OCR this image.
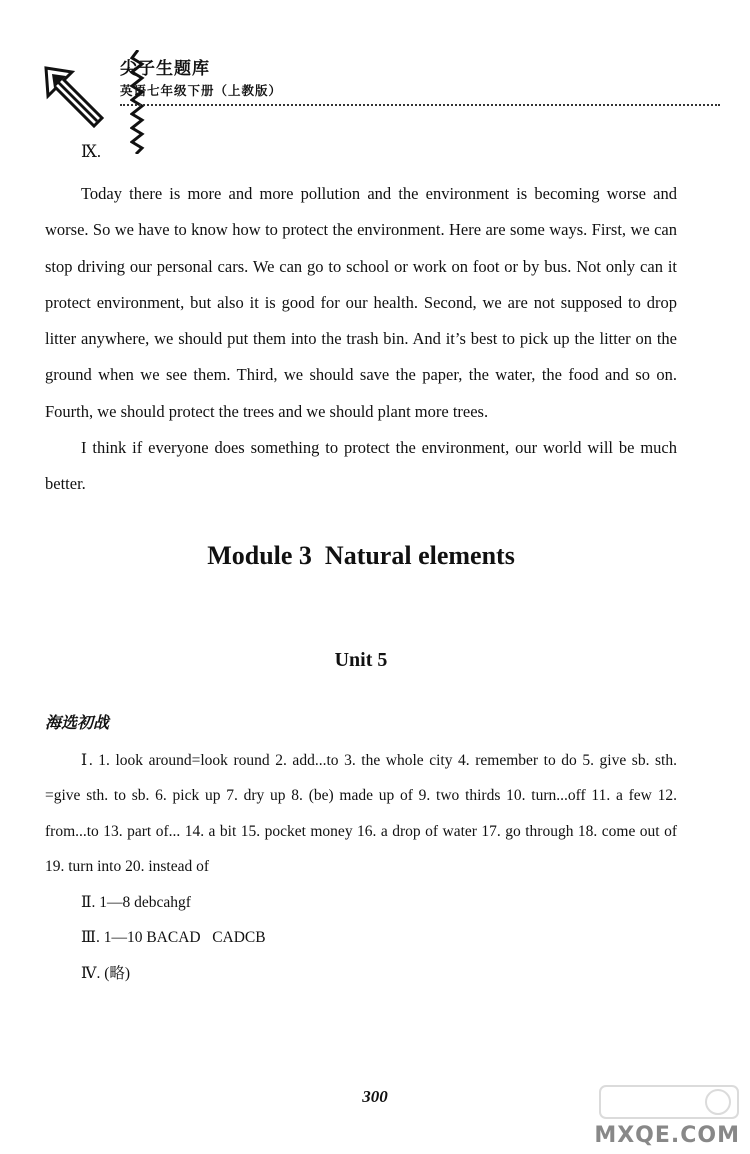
尖子生题库
英语七年级下册（上教版）
Ⅸ.

Today there is more and more pollution and the environment is becoming worse and worse. So we have to know how to protect the environment. Here are some ways. First, we can stop driving our personal cars. We can go to school or work on foot or by bus. Not only can it protect environment, but also it is good for our health. Second, we are not supposed to drop litter anywhere, we should put them into the trash bin. And it’s best to pick up the litter on the ground when we see them. Third, we should save the paper, the water, the food and so on. Fourth, we should protect the trees and we should plant more trees.

I think if everyone does something to protect the environment, our world will be much better.

Module 3  Natural elements
Unit 5
海选初战

Ⅰ. 1. look around=look round 2. add...to 3. the whole city 4. remember to do 5. give sb. sth. =give sth. to sb. 6. pick up 7. dry up 8. (be) made up of 9. two thirds 10. turn...off 11. a few 12. from...to 13. part of... 14. a bit 15. pocket money 16. a drop of water 17. go through 18. come out of 19. turn into 20. instead of

Ⅱ. 1—8 debcahgf
Ⅲ. 1—10 BACAD   CADCB
Ⅳ. (略)
300
MXQE.COM
